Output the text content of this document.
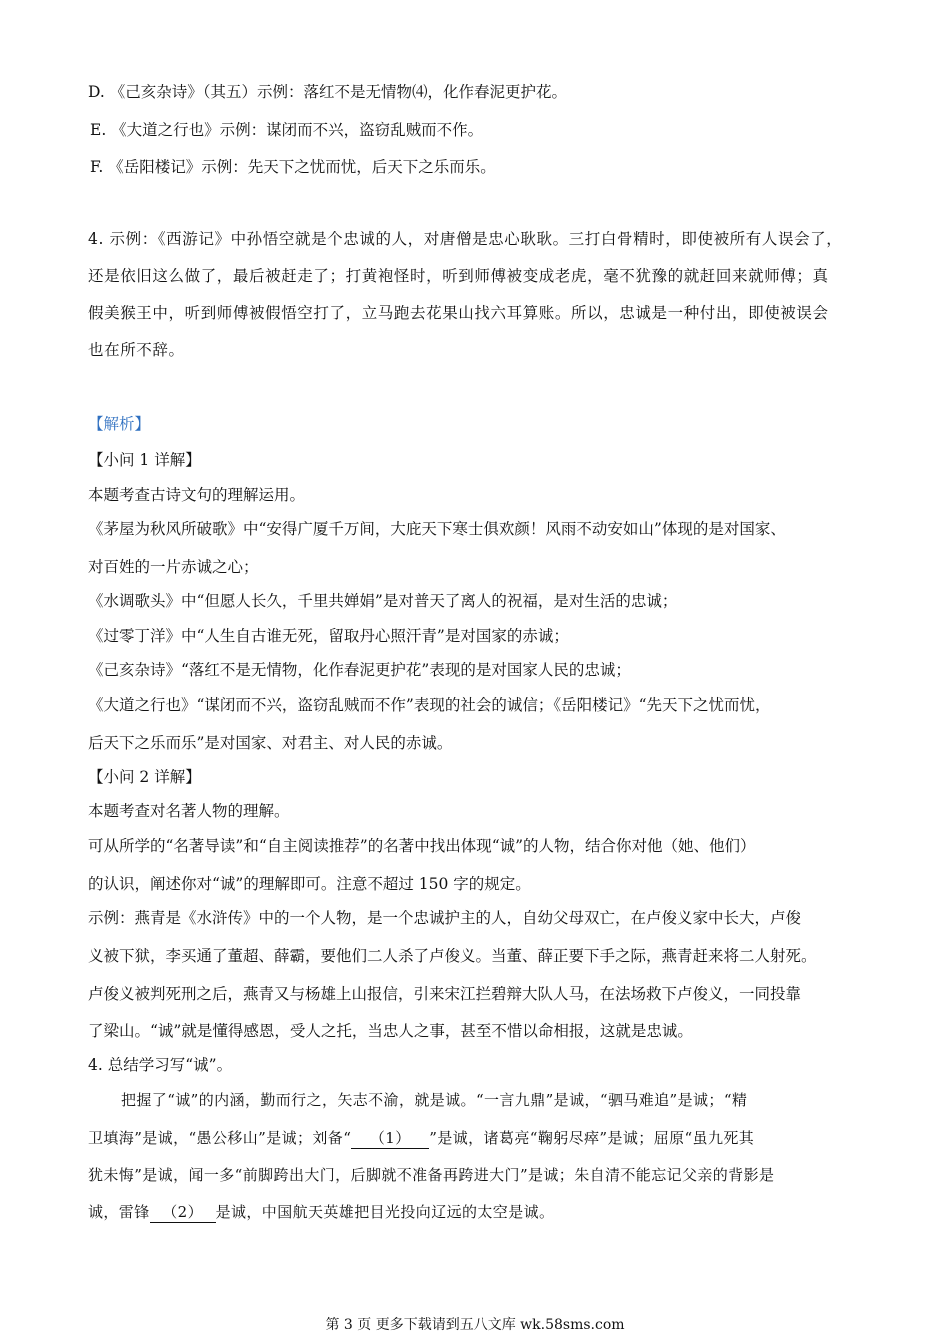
D. 《己亥杂诗》（其五）示例：落红不是无情物⑷，化作春泥更护花。
E. 《大道之行也》示例：谋闭而不兴，盗窃乱贼而不作。
F. 《岳阳楼记》示例：先天下之忧而忧，后天下之乐而乐。
4. 示例：《西游记》中孙悟空就是个忠诚的人，对唐僧是忠心耿耿。三打白骨精时，即使被所有人误会了，
还是依旧这么做了，最后被赶走了；打黄袍怪时，听到师傅被变成老虎，毫不犹豫的就赶回来就师傅；真
假美猴王中，听到师傅被假悟空打了，立马跑去花果山找六耳算账。所以，忠诚是一种付出，即使被误会
也在所不辞。
【解析】
【小问 1 详解】
本题考查古诗文句的理解运用。
《茅屋为秋风所破歌》中“安得广厦千万间，大庇天下寒士俱欢颜！风雨不动安如山”体现的是对国家、
对百姓的一片赤诚之心；
《水调歌头》中“但愿人长久，千里共婵娟”是对普天了离人的祝福，是对生活的忠诚；
《过零丁洋》中“人生自古谁无死，留取丹心照汗青”是对国家的赤诚；
《己亥杂诗》“落红不是无情物，化作春泥更护花”表现的是对国家人民的忠诚；
《大道之行也》“谋闭而不兴，盗窃乱贼而不作”表现的社会的诚信；《岳阳楼记》“先天下之忧而忧，
后天下之乐而乐”是对国家、对君主、对人民的赤诚。
【小问 2 详解】
本题考查对名著人物的理解。
可从所学的“名著导读”和“自主阅读推荐”的名著中找出体现“诚”的人物，结合你对他（她、他们）
的认识，阐述你对“诚”的理解即可。注意不超过 150 字的规定。
示例：燕青是《水浒传》中的一个人物，是一个忠诚护主的人，自幼父母双亡，在卢俊义家中长大，卢俊
义被下狱，李买通了董超、薛霸，要他们二人杀了卢俊义。当董、薛正要下手之际，燕青赶来将二人射死。
卢俊义被判死刑之后，燕青又与杨雄上山报信，引来宋江拦碧辩大队人马，在法场救下卢俊义，一同投靠
了梁山。“诚”就是懂得感恩，受人之托，当忠人之事，甚至不惜以命相报，这就是忠诚。
4. 总结学习写“诚”。
把握了“诚”的内涵，勤而行之，矢志不渝，就是诚。“一言九鼎”是诚，“驷马难追”是诚；“精
卫填海”是诚，“愚公移山”是诚；刘备“ （1） ”是诚，诸葛亮“鞠躬尽瘁”是诚；屈原“虽九死其
犹未悔”是诚，闻一多“前脚跨出大门，后脚就不准备再跨进大门”是诚；朱自清不能忘记父亲的背影是
诚，雷锋 （2） 是诚，中国航天英雄把目光投向辽远的太空是诚。
第 3 页 更多下载请到五八文库 wk.58sms.com
